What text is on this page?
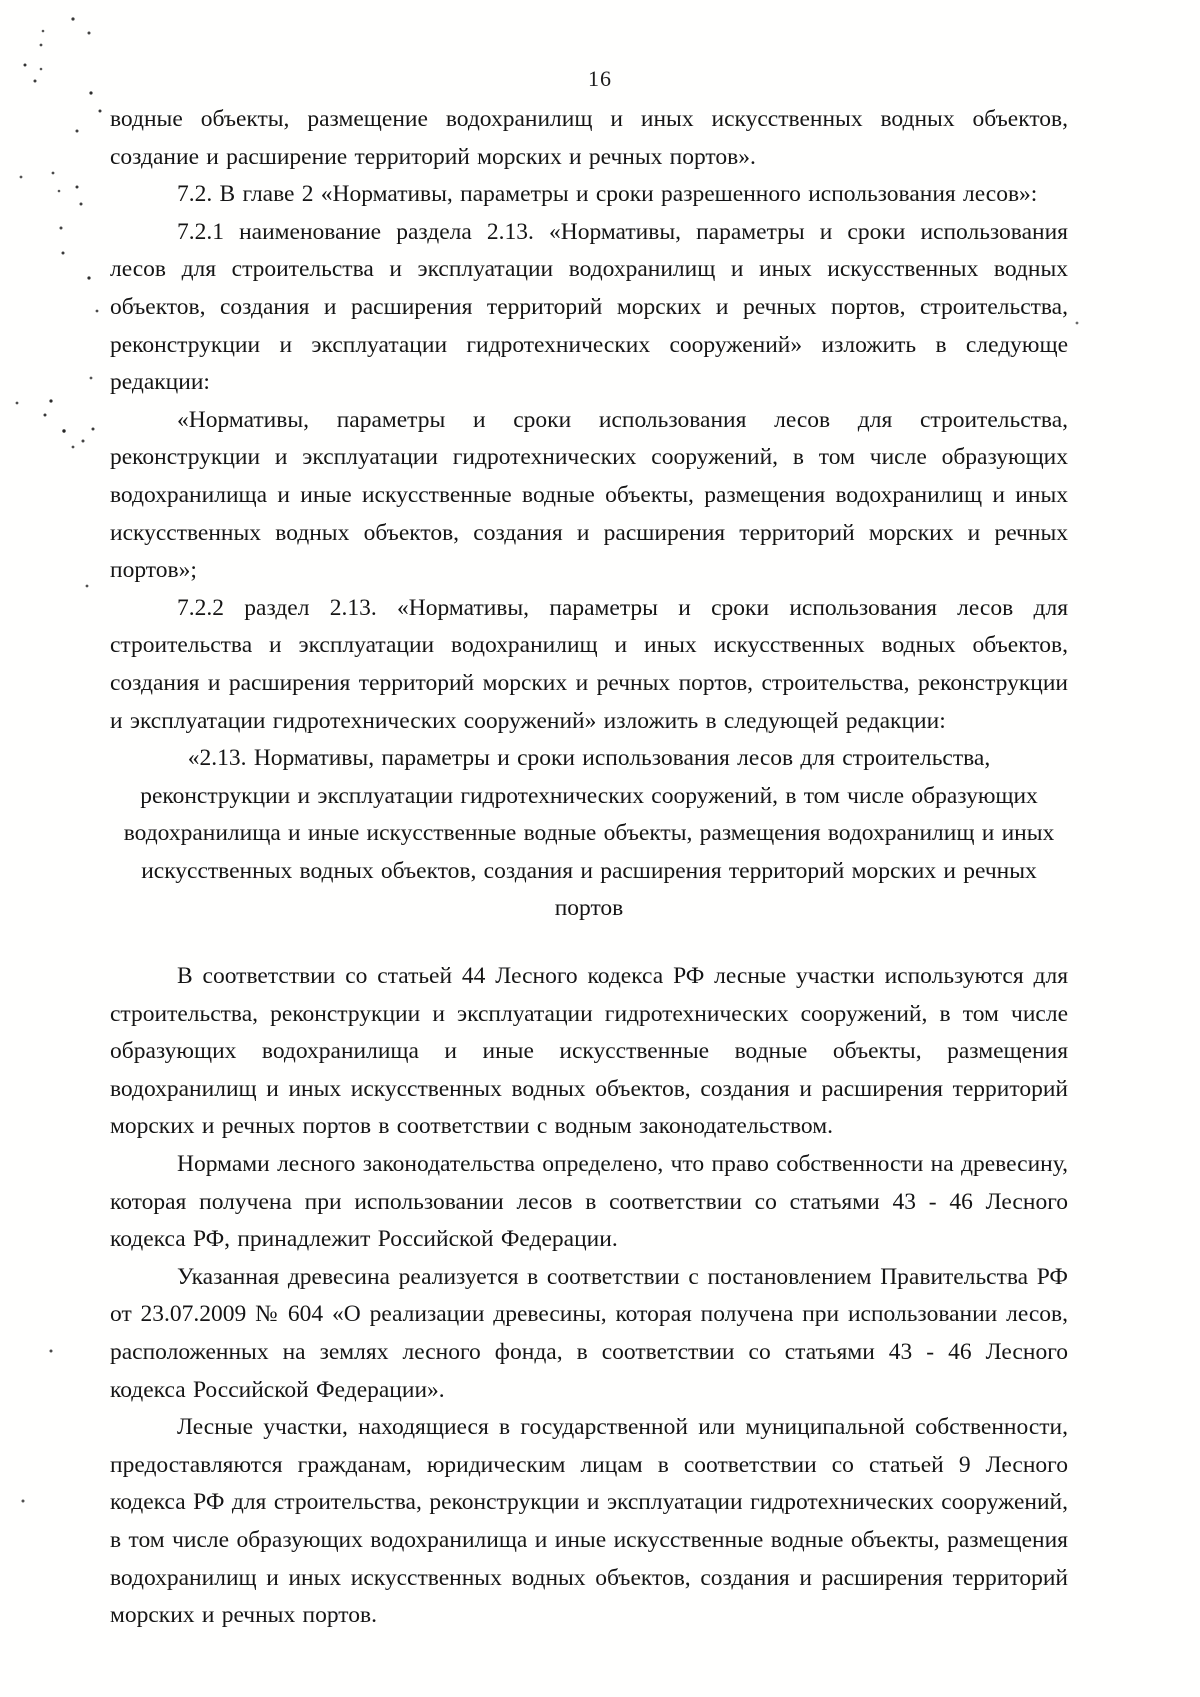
16

водные объекты, размещение водохранилищ и иных искусственных водных объектов, создание и расширение территорий морских и речных портов».

7.2. В главе 2 «Нормативы, параметры и сроки разрешенного использования лесов»:

7.2.1 наименование раздела 2.13. «Нормативы, параметры и сроки использования лесов для строительства и эксплуатации водохранилищ и иных искусственных водных объектов, создания и расширения территорий морских и речных портов, строительства, реконструкции и эксплуатации гидротехнических сооружений» изложить в следующе редакции:

«Нормативы, параметры и сроки использования лесов для строительства, реконструкции и эксплуатации гидротехнических сооружений, в том числе образующих водохранилища и иные искусственные водные объекты, размещения водохранилищ и иных искусственных водных объектов, создания и расширения территорий морских и речных портов»;

7.2.2 раздел 2.13. «Нормативы, параметры и сроки использования лесов для строительства и эксплуатации водохранилищ и иных искусственных водных объектов, создания и расширения территорий морских и речных портов, строительства, реконструкции и эксплуатации гидротехнических сооружений» изложить в следующей редакции:

«2.13. Нормативы, параметры и сроки использования лесов для строительства, реконструкции и эксплуатации гидротехнических сооружений, в том числе образующих водохранилища и иные искусственные водные объекты, размещения водохранилищ и иных искусственных водных объектов, создания и расширения территорий морских и речных портов

В соответствии со статьей 44 Лесного кодекса РФ лесные участки используются для строительства, реконструкции и эксплуатации гидротехнических сооружений, в том числе образующих водохранилища и иные искусственные водные объекты, размещения водохранилищ и иных искусственных водных объектов, создания и расширения территорий морских и речных портов в соответствии с водным законодательством.

Нормами лесного законодательства определено, что право собственности на древесину, которая получена при использовании лесов в соответствии со статьями 43 - 46 Лесного кодекса РФ, принадлежит Российской Федерации.

Указанная древесина реализуется в соответствии с постановлением Правительства РФ от 23.07.2009 № 604 «О реализации древесины, которая получена при использовании лесов, расположенных на землях лесного фонда, в соответствии со статьями 43 - 46 Лесного кодекса Российской Федерации».

Лесные участки, находящиеся в государственной или муниципальной собственности, предоставляются гражданам, юридическим лицам в соответствии со статьей 9 Лесного кодекса РФ для строительства, реконструкции и эксплуатации гидротехнических сооружений, в том числе образующих водохранилища и иные искусственные водные объекты, размещения водохранилищ и иных искусственных водных объектов, создания и расширения территорий морских и речных портов.
